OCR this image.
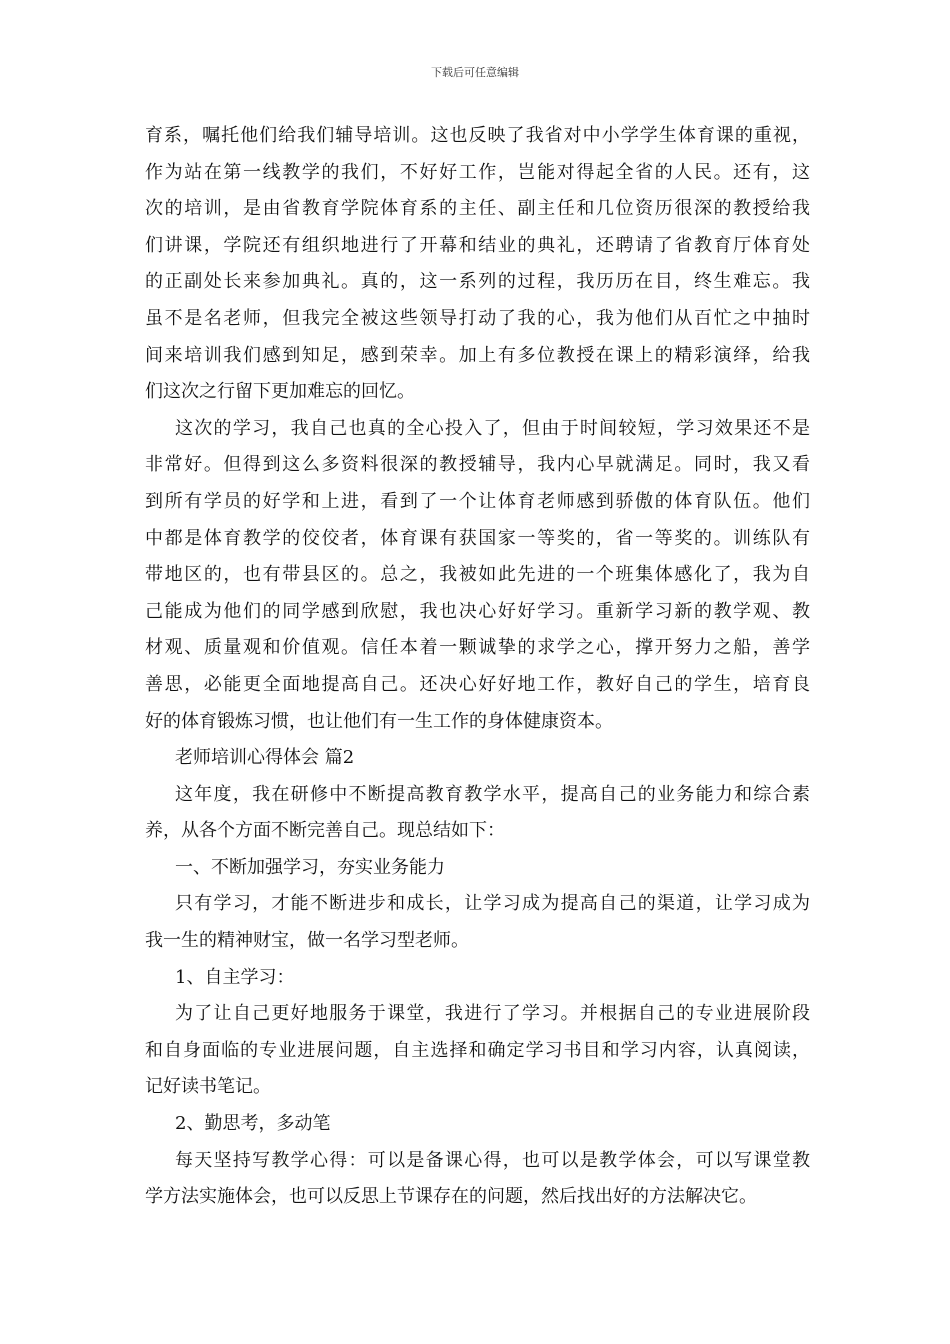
下载后可任意编辑
育系，嘱托他们给我们辅导培训。这也反映了我省对中小学学生体育课的重视，
作为站在第一线教学的我们，不好好工作，岂能对得起全省的人民。还有，这
次的培训，是由省教育学院体育系的主任、副主任和几位资历很深的教授给我
们讲课，学院还有组织地进行了开幕和结业的典礼，还聘请了省教育厅体育处
的正副处长来参加典礼。真的，这一系列的过程，我历历在目，终生难忘。我
虽不是名老师，但我完全被这些领导打动了我的心，我为他们从百忙之中抽时
间来培训我们感到知足，感到荣幸。加上有多位教授在课上的精彩演绎，给我
们这次之行留下更加难忘的回忆。
这次的学习，我自己也真的全心投入了，但由于时间较短，学习效果还不是
非常好。但得到这么多资料很深的教授辅导，我内心早就满足。同时，我又看
到所有学员的好学和上进，看到了一个让体育老师感到骄傲的体育队伍。他们
中都是体育教学的佼佼者，体育课有获国家一等奖的，省一等奖的。训练队有
带地区的，也有带县区的。总之，我被如此先进的一个班集体感化了，我为自
己能成为他们的同学感到欣慰，我也决心好好学习。重新学习新的教学观、教
材观、质量观和价值观。信任本着一颗诚挚的求学之心，撑开努力之船，善学
善思，必能更全面地提高自己。还决心好好地工作，教好自己的学生，培育良
好的体育锻炼习惯，也让他们有一生工作的身体健康资本。
老师培训心得体会 篇2
这年度，我在研修中不断提高教育教学水平，提高自己的业务能力和综合素
养，从各个方面不断完善自己。现总结如下：
一、不断加强学习，夯实业务能力
只有学习，才能不断进步和成长，让学习成为提高自己的渠道，让学习成为
我一生的精神财宝，做一名学习型老师。
1、自主学习：
为了让自己更好地服务于课堂，我进行了学习。并根据自己的专业进展阶段
和自身面临的专业进展问题，自主选择和确定学习书目和学习内容，认真阅读，
记好读书笔记。
2、勤思考，多动笔
每天坚持写教学心得：可以是备课心得，也可以是教学体会，可以写课堂教
学方法实施体会，也可以反思上节课存在的问题，然后找出好的方法解决它。
